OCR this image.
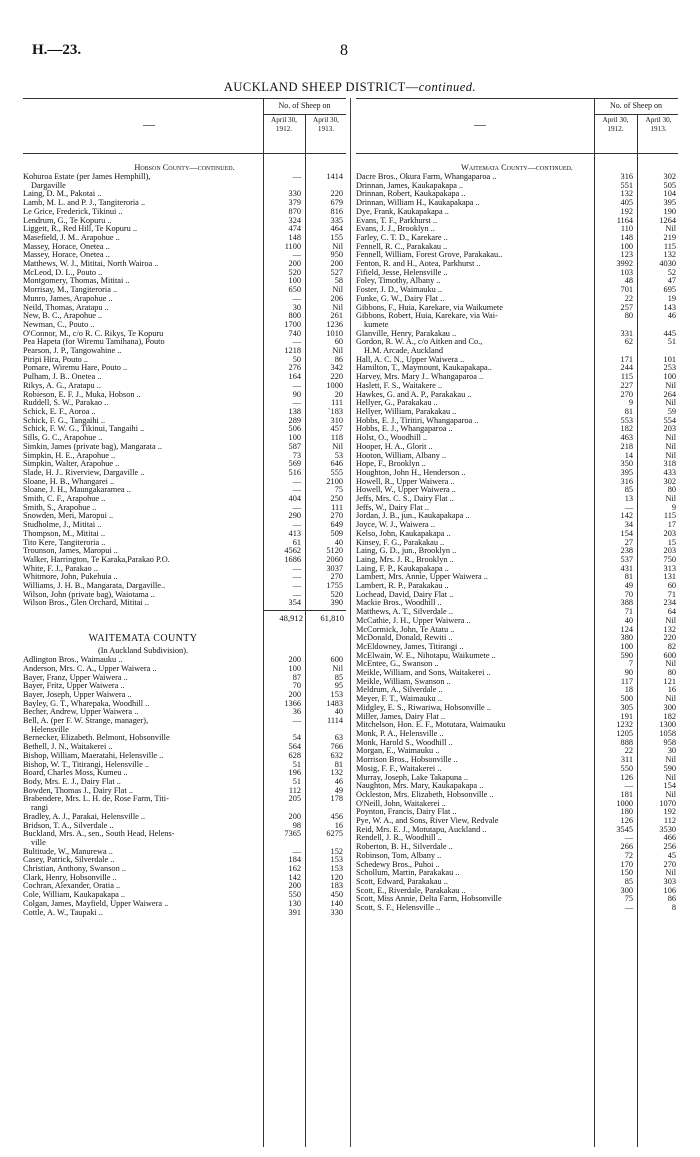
H.—23.	8
AUCKLAND SHEEP DISTRICT—continued.
—
No. of Sheep on
April 30, 1912.
April 30, 1913.
Hobson County—continued.
Kohuroa Estate (per James Hemphill),	—	1414
Dargaville
Laing, D. M., Pakotai ..	330	220
Lamb, M. L. and P. J., Tangiteroria ..	379	679
Le Grice, Frederick, Tikinui ..	870	816
Lendrum, G., Te Kopuru ..	324	335
Liggett, R., Red Hill, Te Kopuru ..	474	464
Masefield, J. M.. Arapohue ..	148	155
Massey, Horace, Onetea ..	1100	Nil
Massey, Horace, Onetea ..	—	950
Matthews, W. J., Mititai, North Wairoa ..	200	200
McLeod, D. L., Pouto ..	520	527
Montgomery, Thomas, Mititai ..	100	58
Morrisay, M., Tangiteroria ..	650	Nil
Munro, James, Arapohue ..	—	206
Neild, Thomas, Aratapu ..	30	Nil
New, B. C., Arapohue ..	800	261
Newman, C., Pouto ..	1700	1236
O'Connor, M., c/o R. C. Rikys, Te Kopuru	740	1010
Pea Hapeta (for Wiremu Tamihana), Pouto	—	60
Pearson, J. P., Tangowahine ..	1218	Nil
Piripi Hira, Pouto ..	50	86
Pomare, Wiremu Hare, Pouto ..	276	342
Pulham, J. B.. Onetea ..	164	220
Rikys, A. G., Aratapu ..	—	1000
Robieson, E. F. J., Muka, Hobson ..	90	20
Ruddell, S. W., Parakao ..	—	111
Schick, E. F., Aoroa ..	138	`183
Schick, F. G., Tangaihi ..	289	310
Schick, F. W. G., Tikinui, Tangaihi ..	506	457
Sills, G. C., Arapohue ..	100	118
Simkin, James (private bag), Mangarata ..	587	Nil
Simpkin, H. E., Arapohue ..	73	53
Simpkin, Walter, Arapohue ..	569	646
Slade, H. J.. Riverview, Dargaville ..	516	555
Sloane, H. B., Whangarei ..	—	2100
Sloane, J. H., Maungakaramea ..	—	75
Smith, C. F., Arapohue ..	404	250
Smith, S., Arapohue ..	—	111
Snowden, Meri, Maropui ..	290	270
Studholme, J., Mititai ..	—	649
Thompson, M., Mititai ..	413	509
Tito Kere, Tangiteroria ..	61	40
Trounson, James, Maropui ..	4562	5120
Walker, Harrington, Te Karaka,Parakao P.O.	1686	2060
White, F. J., Parakao ..	—	3037
Whitmore, John, Pukehuia ..	—	270
Williams, J. H. B., Mangarata, Dargaville..	—	1755
Wilson, John (private bag), Waiotama ..	—	520
Wilson Bros., Glen Orchard, Mititai ..	354	390
48,912	61,810
WAITEMATA COUNTY
(In Auckland Subdivision).
Adlington Bros., Waimauku ..	200	600
Anderson, Mrs. C. A., Upper Waiwera ..	100	Nil
Bayer, Franz, Upper Waiwera ..	87	85
Bayer, Fritz, Upper Waiwera ..	70	95
Bayer, Joseph, Upper Waiwera ..	200	153
Bayley, G. T., Wharepaka, Woodhill ..	1366	1483
Becher, Andrew, Upper Waiwera ..	36	40
Bell, A. (per F. W. Strange, manager),	—	1114
Helensville
Bernecker, Elizabeth. Belmont, Hobsonville	54	63
Bethell, J. N., Waitakerei ..	564	766
Bishop, William, Maeratahi, Helensville ..	628	632
Bishop, W. T., Titirangi, Helensville ..	51	81
Board, Charles Moss, Kumeu ..	196	132
Body, Mrs. E. J., Dairy Flat ..	51	46
Bowden, Thomas J., Dairy Flat ..	112	49
Brabendere, Mrs. L. H. de, Rose Farm, Titi-	205	178
rangi
Bradley, A. J., Parakai, Helensville ..	200	456
Bridson, T. A., Silverdale ..	98	16
Buckland, Mrs. A., sen., South Head, Helens-	7365	6275
ville
Bultitude, W., Manurewa ..	—	152
Casey, Patrick, Silverdale ..	184	153
Christian, Anthony, Swanson ..	162	153
Clark, Henry, Hobsonville ..	142	120
Cochran, Alexander, Oratia ..	200	183
Cole, William, Kaukapakapa ..	550	450
Colgan, James, Mayfield, Upper Waiwera ..	130	140
Cottle, A. W., Taupaki ..	391	330
—
No. of Sheep on
April 30, 1912.
April 30, 1913.
Waitemata County—continued.
Dacre Bros., Okura Farm, Whangaparoa ..	316	302
Drinnan, James, Kaukapakapa ..	551	505
Drinnan, Robert, Kaukapakapa ..	132	104
Drinnan, William H., Kaukapakapa ..	405	395
Dye, Frank, Kaukapakapa ..	192	190
Evans, T. F., Parkhurst ..	1164	1264
Evans, J. J., Brooklyn ..	110	Nil
Farley, C. T. D., Karekare ..	148	219
Fennell, R. C., Parakakau ..	100	115
Fennell, William, Forest Grove, Parakakau..	123	132
Fenton, R. and H., Aotea, Parkhurst ..	3992	4030
Fifield, Jesse, Helensville ..	103	52
Foley, Timothy, Albany ..	48	47
Foster, J. D., Waimauku ..	701	695
Funke, G. W., Dairy Flat ..	22	19
Gibbons, F., Huia, Karekare, via Waikumete	257	143
Gibbons, Robert, Huia, Karekare, via Wai-	80	46
kumete
Glanville, Henry, Parakakau ..	331	445
Gordon, R. W. A., c/o Aitken and Co.,	62	51
H.M. Arcade, Auckland
Hall, A. C. N., Upper Waiwera ..	171	101
Hamilton, T., Maymount, Kaukapakapa..	244	253
Harvey, Mrs. Mary J.. Whangaparoa ..	115	100
Haslett, F. S., Waitakere ..	227	Nil
Hawkes, G. and A. P., Parakakau ..	270	264
Hellyer, G., Parakakau ..	9	Nil
Hellyer, William, Parakakau ..	81	59
Hobbs, E. J., Tiritiri, Whangaparoa ..	553	554
Hobbs, E. J., Whangaparoa ..	182	203
Holst, O., Woodhill ..	463	Nil
Hooper, H. A., Glorit ..	218	Nil
Hooton, William, Albany ..	14	Nil
Hope, F., Brooklyn ..	350	318
Houghton, John H., Henderson ..	395	433
Howell, R., Upper Waiwera ..	316	302
Howell, W., Upper Waiwera ..	85	80
Jeffs, Mrs. C. S., Dairy Flat ..	13	Nil
Jeffs, W., Dairy Flat ..	—	9
Jordan, J. B., jun., Kaukapakapa ..	142	115
Joyce, W. J., Waiwera ..	34	17
Kelso, John, Kaukapakapa ..	154	203
Kinsey, F. G., Parakakau ..	27	15
Laing, G. D., jun., Brooklyn ..	238	203
Laing, Mrs. J. R., Brooklyn ..	537	750
Laing, F. P., Kaukapakapa ..	431	313
Lambert, Mrs. Annie, Upper Waiwera ..	81	131
Lambert, R. P., Parakakau ..	49	60
Lochead, David, Dairy Flat ..	70	71
Mackie Bros., Woodhill ..	388	234
Matthews, A. T., Silverdale ..	71	64
McCathie, J. H., Upper Waiwera ..	40	Nil
McCormick, John, Te Atatu ..	124	132
McDonald, Donald, Rewiti ..	380	220
McEldowney, James, Titirangi ..	100	82
McElwain, W. E., Nihotapu, Waikumete ..	590	600
McEntee, G., Swanson ..	7	Nil
Meikle, William, and Sons, Waitakerei ..	90	80
Meikle, William, Swanson ..	117	121
Meldrum, A., Silverdale ..	18	16
Meyer, F. T., Waimauku ..	500	Nil
Midgley, E. S., Riwariwa, Hobsonville ..	305	300
Miller, James, Dairy Flat ..	191	182
Mitchelson, Hon. E. F., Motutara, Waimauku	1232	1300
Monk, P. A., Helensville ..	1205	1058
Monk, Harold S., Woodhill ..	888	958
Morgan, E., Waimauku ..	22	30
Morrison Bros., Hobsonville ..	311	Nil
Mosig, F. F., Waitakerei ..	550	590
Murray, Joseph, Lake Takapuna ..	126	Nil
Naughton, Mrs. Mary, Kaukapakapa ..	—	154
Ockleston, Mrs. Elizabeth, Hobsonville ..	181	Nil
O'Neill, John, Waitakerei ..	1000	1070
Poynton, Francis, Dairy Flat ..	180	192
Pye, W. A., and Sons, River View, Redvale	126	112
Reid, Mrs. E. J., Motutapu, Auckland ..	3545	3530
Rendell, J. R., Woodhill ..	—	466
Roberton, B. H., Silverdale ..	266	256
Robinson, Tom, Albany ..	72	45
Schedewy Bros., Puhoi ..	170	270
Schollum, Martin, Parakakau ..	150	Nil
Scott, Edward, Parakakau ..	85	303
Scott, E., Riverdale, Parakakau ..	300	106
Scott, Miss Annie, Delta Farm, Hobsonville	75	86
Scott, S. F., Helensville ..	—	8
